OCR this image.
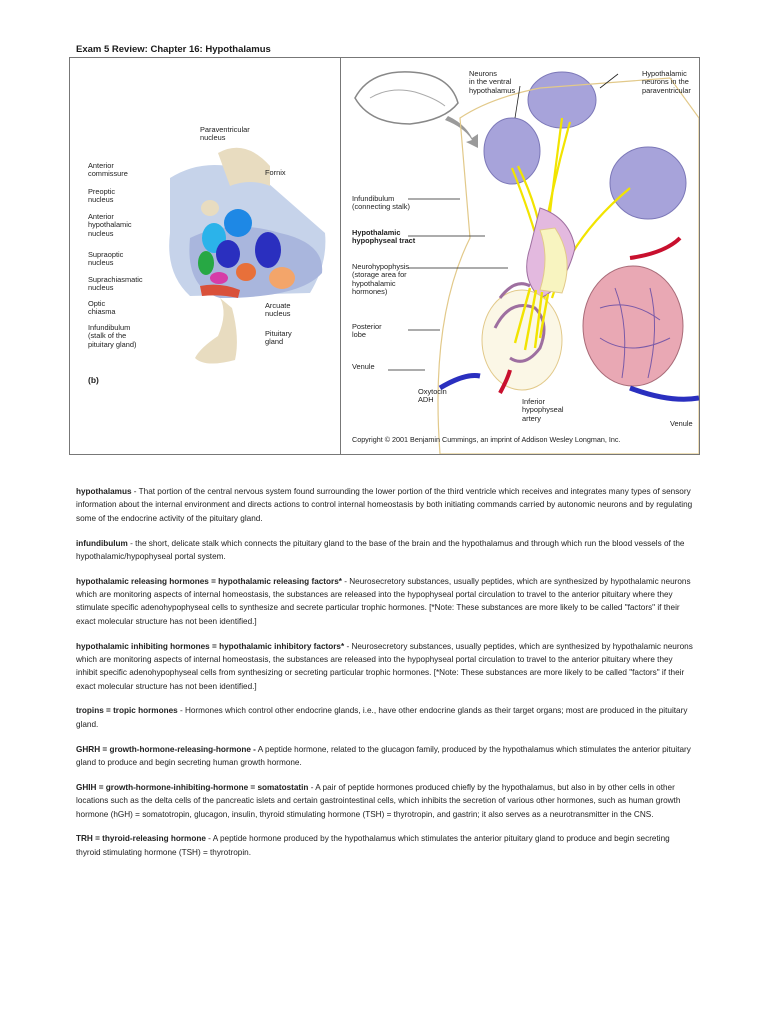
Exam 5 Review: Chapter 16: Hypothalamus
Paraventricular
nucleus
Anterior
commissure	Fornix
Preoptic
nucleus
Anterior
hypothalamic
nucleus
Supraoptic
nucleus
Suprachiasmatic
nucleus
Optic
chiasma
Infundibulum
(stalk of the
pituitary gland)
Arcuate
nucleus
Pituitary
gland
(b)
Neurons
in the ventral
hypothalamus
Hypothalamic
neurons in the
paraventricular
Infundibulum
(connecting stalk)
Hypothalamic
hypophyseal tract
Neurohypophysis
(storage area for
hypothalamic
hormones)
Posterior
lobe
Venule
Oxytocin
ADH	Inferior
hypophyseal
artery
Venule
Copyright © 2001 Benjamin Cummings, an imprint of Addison Wesley Longman, Inc.

hypothalamus - That portion of the central nervous system found surrounding the lower portion of the third ventricle which receives and integrates many types of sensory information about the internal environment and directs actions to control internal homeostasis by both initiating commands carried by autonomic neurons and by regulating some of the endocrine activity of the pituitary gland.

infundibulum - the short, delicate stalk which connects the pituitary gland to the base of the brain and the hypothalamus and through which run the blood vessels of the hypothalamic/hypophyseal portal system.

hypothalamic releasing hormones = hypothalamic releasing factors* - Neurosecretory substances, usually peptides, which are synthesized by hypothalamic neurons which are monitoring aspects of internal homeostasis, the substances are released into the hypophyseal portal circulation to travel to the anterior pituitary where they stimulate specific adenohypophyseal cells to synthesize and secrete particular trophic hormones. [*Note: These substances are more likely to be called "factors" if their exact molecular structure has not been identified.]

hypothalamic inhibiting hormones = hypothalamic inhibitory factors* - Neurosecretory substances, usually peptides, which are synthesized by hypothalamic neurons which are monitoring aspects of internal homeostasis, the substances are released into the hypophyseal portal circulation to travel to the anterior pituitary where they inhibit specific adenohypophyseal cells from synthesizing or secreting particular trophic hormones. [*Note: These substances are more likely to be called "factors" if their exact molecular structure has not been identified.]

tropins = tropic hormones - Hormones which control other endocrine glands, i.e., have other endocrine glands as their target organs; most are produced in the pituitary gland.

GHRH = growth-hormone-releasing-hormone - A peptide hormone, related to the glucagon family, produced by the hypothalamus which stimulates the anterior pituitary gland to produce and begin secreting human growth hormone.

GHIH = growth-hormone-inhibiting-hormone = somatostatin - A pair of peptide hormones produced chiefly by the hypothalamus, but also in by other cells in other locations such as the delta cells of the pancreatic islets and certain gastrointestinal cells, which inhibits the secretion of various other hormones, such as human growth hormone (hGH) = somatotropin, glucagon, insulin, thyroid stimulating hormone (TSH) = thyrotropin, and gastrin; it also serves as a neurotransmitter in the CNS.

TRH = thyroid-releasing hormone - A peptide hormone produced by the hypothalamus which stimulates the anterior pituitary gland to produce and begin secreting thyroid stimulating hormone (TSH) = thyrotropin.
